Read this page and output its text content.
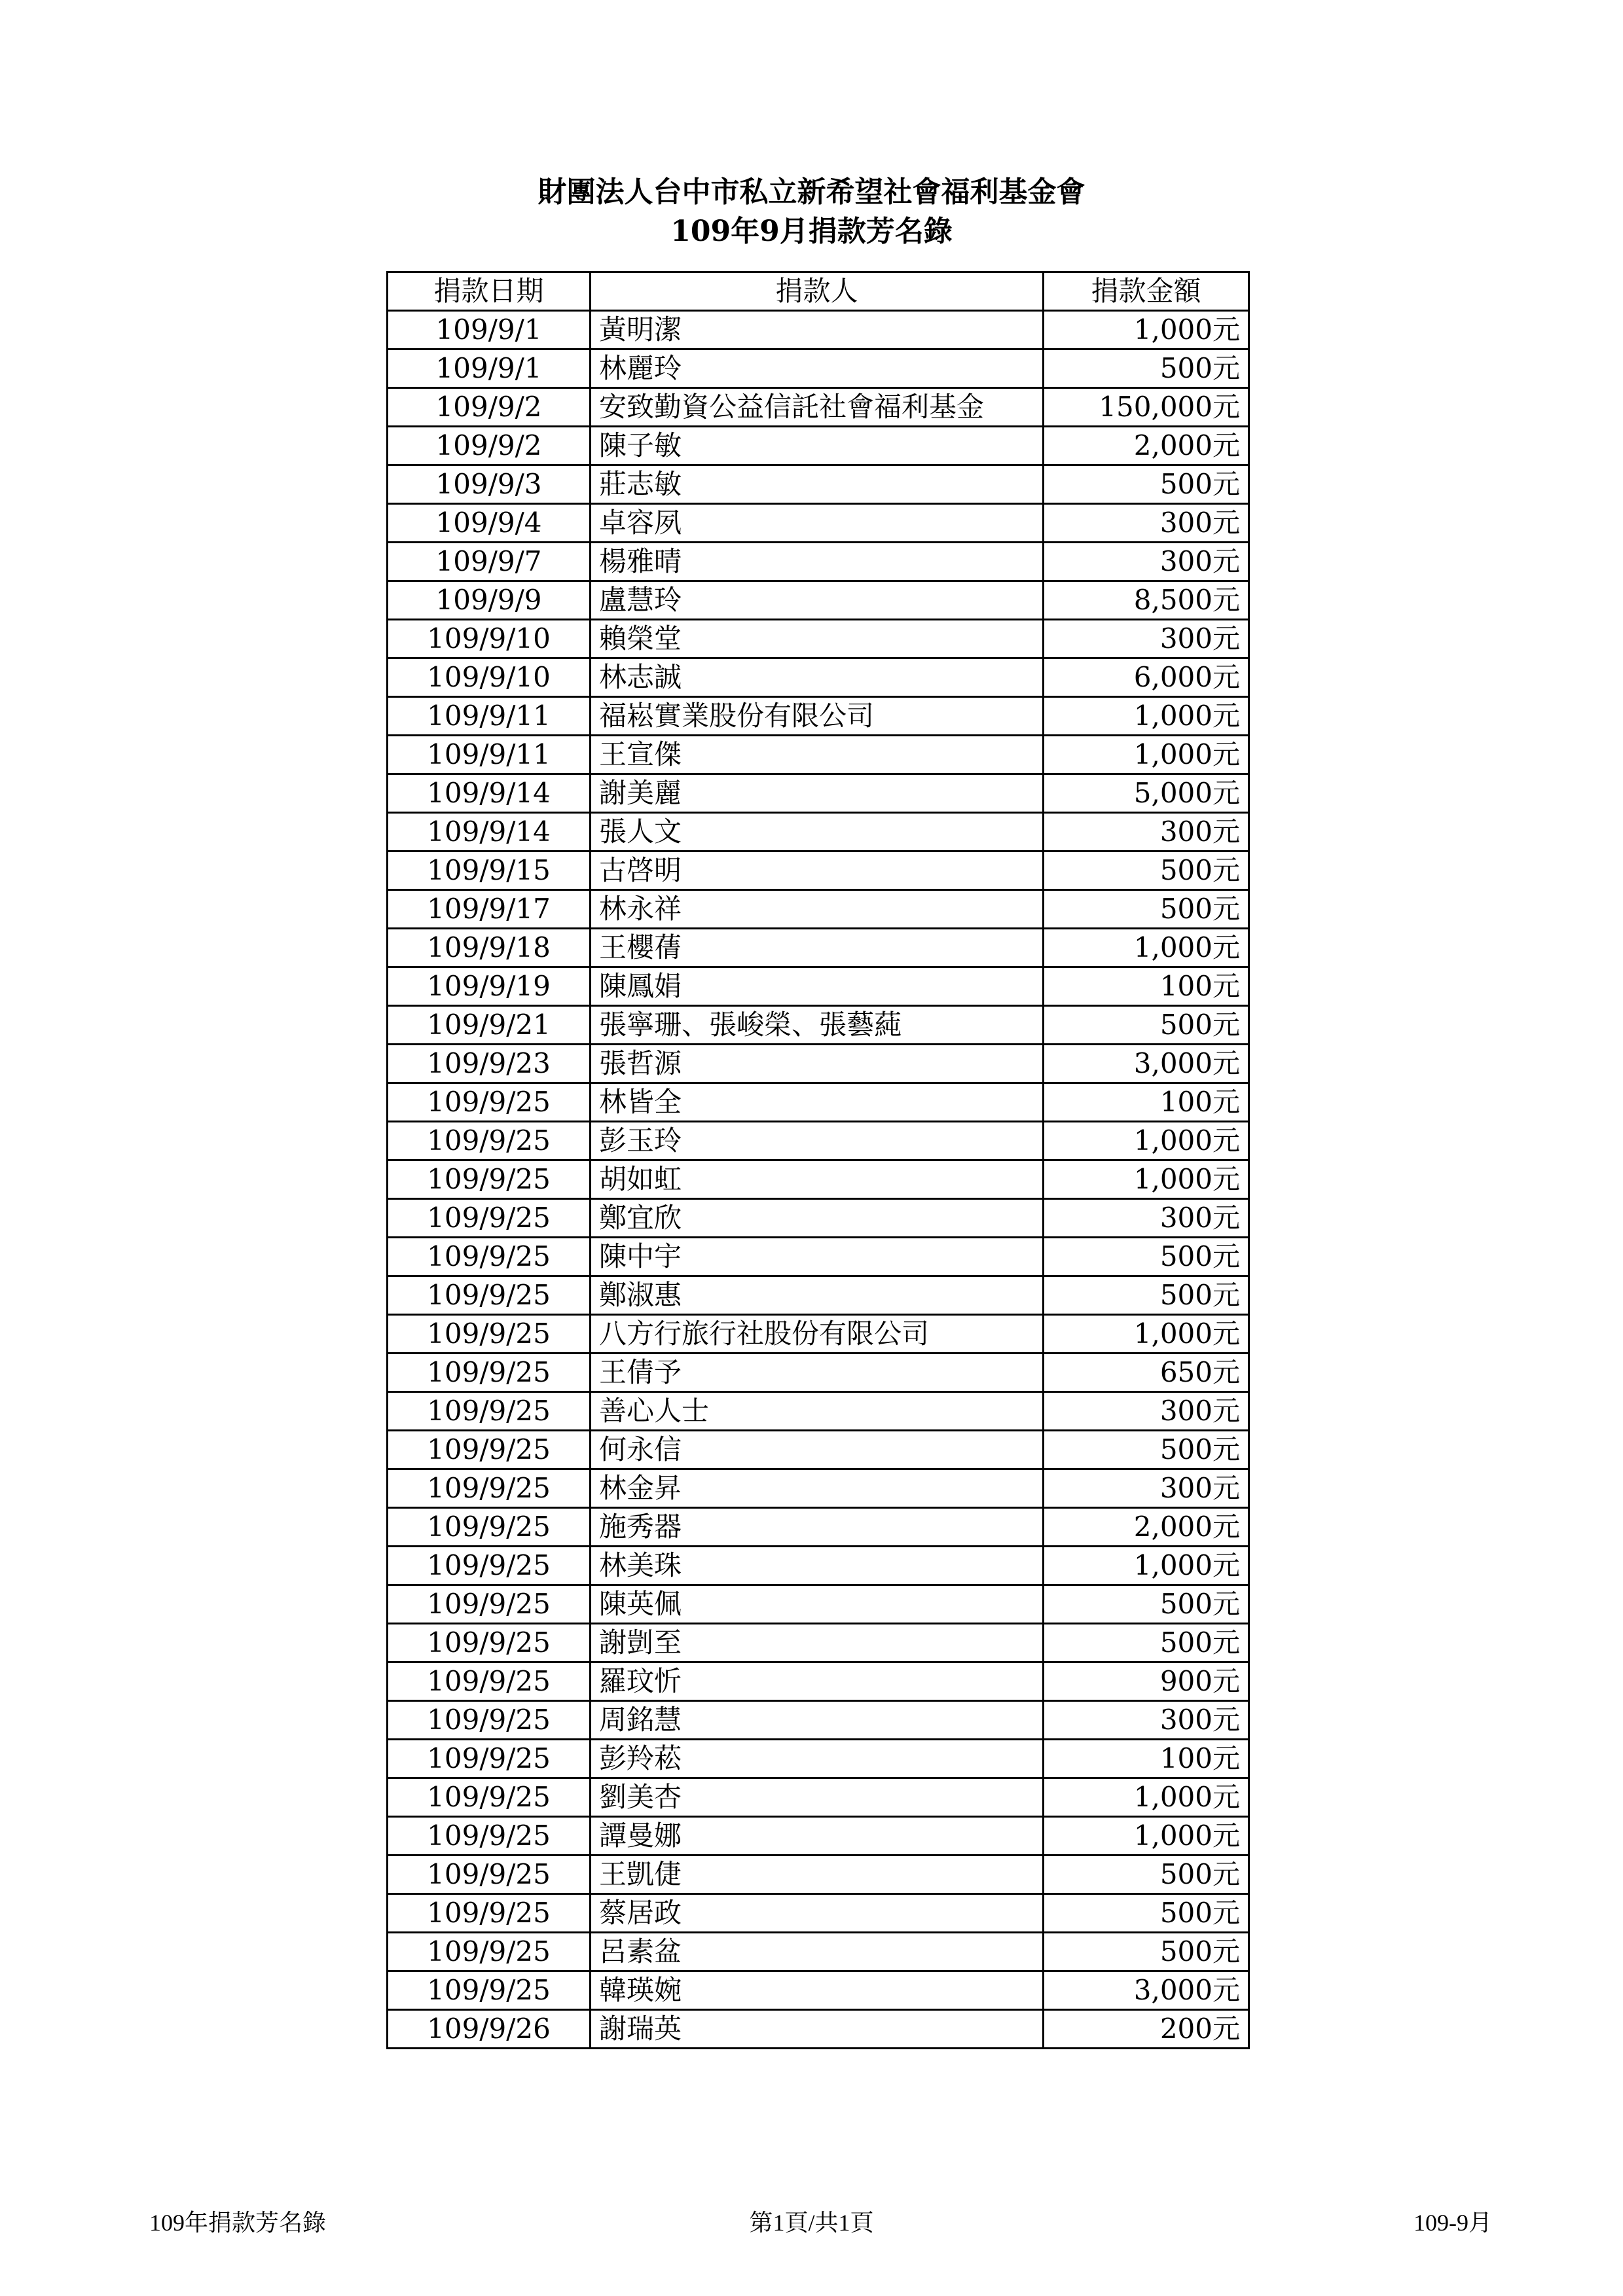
財團法人台中市私立新希望社會福利基金會
109年9月捐款芳名錄
捐款日期	捐款人	捐款金額
109/9/1	黃明潔	1,000元
109/9/1	林麗玲	500元
109/9/2	安致勤資公益信託社會福利基金	150,000元
109/9/2	陳子敏	2,000元
109/9/3	莊志敏	500元
109/9/4	卓容夙	300元
109/9/7	楊雅晴	300元
109/9/9	盧慧玲	8,500元
109/9/10	賴榮堂	300元
109/9/10	林志誠	6,000元
109/9/11	福崧實業股份有限公司	1,000元
109/9/11	王宣傑	1,000元
109/9/14	謝美麗	5,000元
109/9/14	張人文	300元
109/9/15	古啓明	500元
109/9/17	林永祥	500元
109/9/18	王櫻蒨	1,000元
109/9/19	陳鳳娟	100元
109/9/21	張寧珊、張峻榮、張藝蒓	500元
109/9/23	張哲源	3,000元
109/9/25	林皆全	100元
109/9/25	彭玉玲	1,000元
109/9/25	胡如虹	1,000元
109/9/25	鄭宜欣	300元
109/9/25	陳中宇	500元
109/9/25	鄭淑惠	500元
109/9/25	八方行旅行社股份有限公司	1,000元
109/9/25	王倩予	650元
109/9/25	善心人士	300元
109/9/25	何永信	500元
109/9/25	林金昇	300元
109/9/25	施秀器	2,000元
109/9/25	林美珠	1,000元
109/9/25	陳英佩	500元
109/9/25	謝剴至	500元
109/9/25	羅玟忻	900元
109/9/25	周銘慧	300元
109/9/25	彭羚菘	100元
109/9/25	劉美杏	1,000元
109/9/25	譚曼娜	1,000元
109/9/25	王凱倢	500元
109/9/25	蔡居政	500元
109/9/25	呂素盆	500元
109/9/25	韓瑛婉	3,000元
109/9/26	謝瑞英	200元
109年捐款芳名錄	第1頁/共1頁	109-9月
